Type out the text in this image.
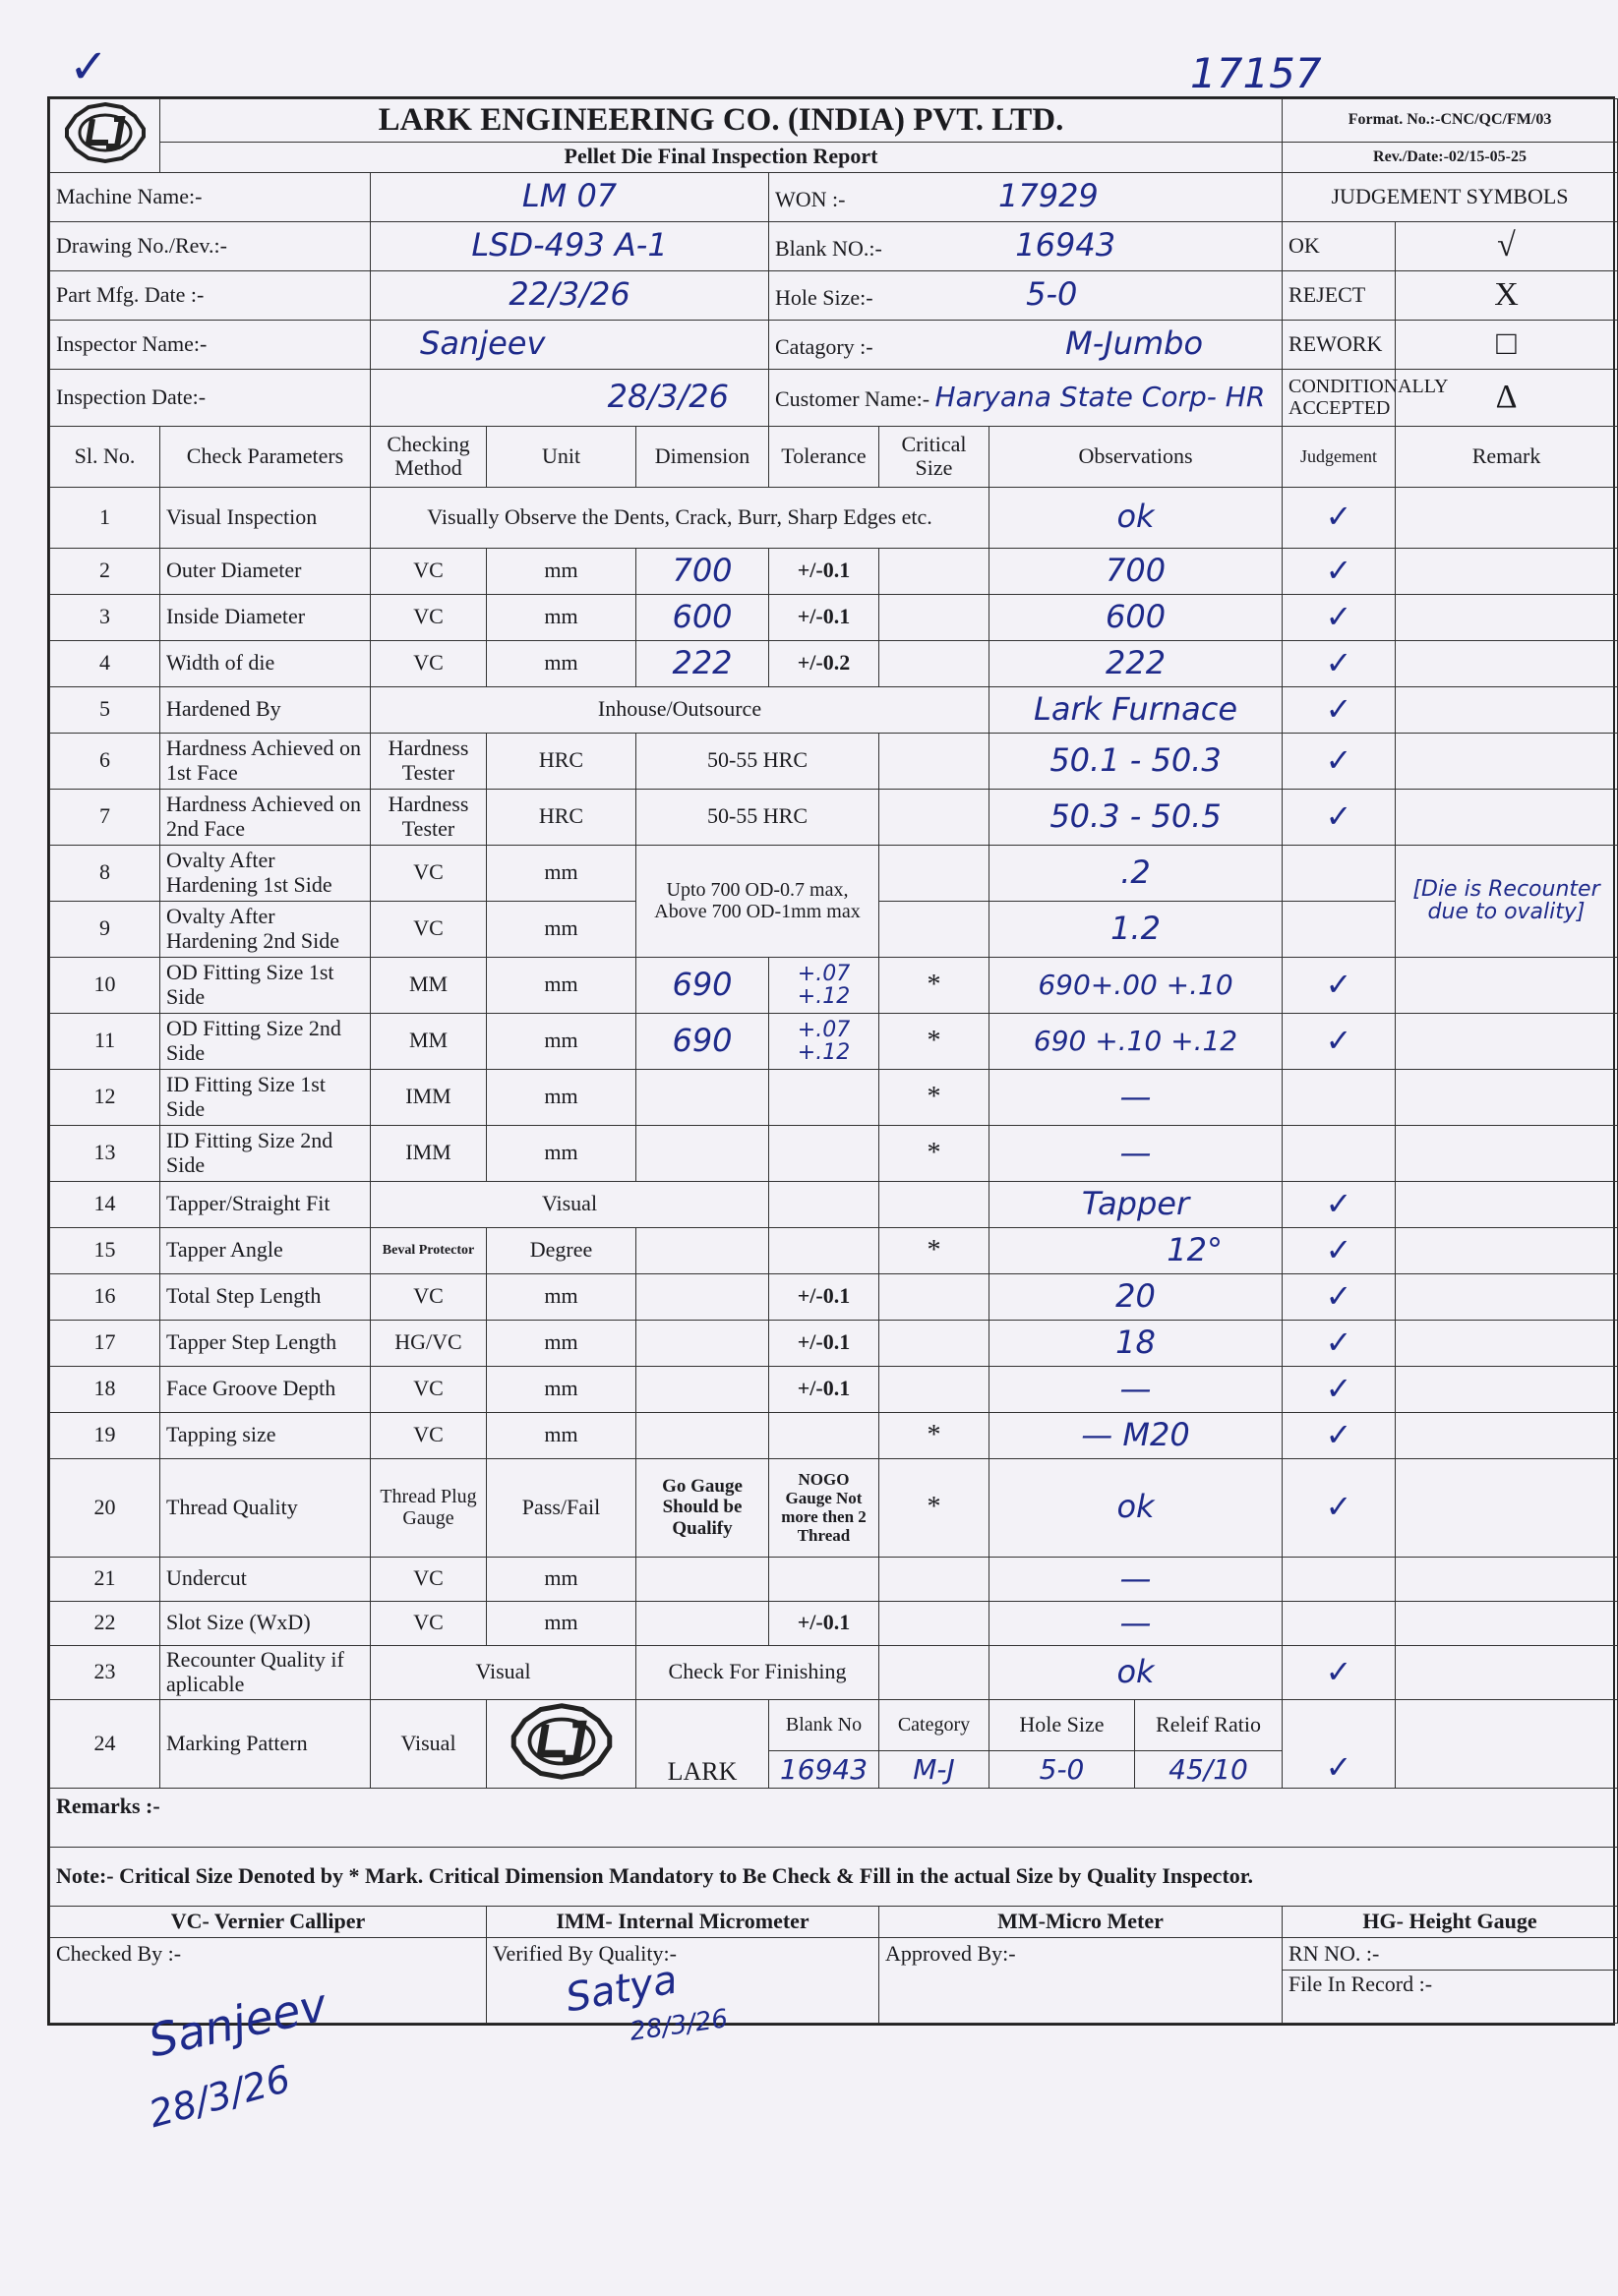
✓	17157
	LARK ENGINEERING CO. (INDIA) PVT. LTD.								Format. No.:-CNC/QC/FM/03	
	Pellet Die Final Inspection Report								Rev./Date:-02/15-05-25	
Machine Name:-		LM 07			WON :- 17929				JUDGEMENT SYMBOLS	
Drawing No./Rev.:-		LSD-493 A-1			Blank NO.:- 16943				OK	√
Part Mfg. Date :-		22/3/26			Hole Size:- 5-0				REJECT	X
Inspector Name:-		Sanjeev			Catagory :- M-Jumbo				REWORK	□
Inspection Date:-		28/3/26			Customer Name:- Haryana State Corp- HR				CONDITIONALLY ACCEPTED	Δ
Sl. No.	Check Parameters	Checking Method	Unit	Dimension	Tolerance	Critical Size	Observations		Judgement	Remark
1	Visual Inspection	Visually Observe the Dents, Crack, Burr, Sharp Edges etc.					ok		✓	
2	Outer Diameter	VC	mm	700	+/-0.1		700		✓	
3	Inside Diameter	VC	mm	600	+/-0.1		600		✓	
4	Width of die	VC	mm	222	+/-0.2		222		✓	
5	Hardened By	Inhouse/Outsource					Lark Furnace		✓	
6	Hardness Achieved on 1st Face	Hardness Tester	HRC	50-55 HRC			50.1 - 50.3		✓	
7	Hardness Achieved on 2nd Face	Hardness Tester	HRC	50-55 HRC			50.3 - 50.5		✓	
8	Ovalty After Hardening 1st Side	VC	mm	Upto 700 OD-0.7 max, Above 700 OD-1mm max			.2			[Die is Recounter due to ovality]
9	Ovalty After Hardening 2nd Side	VC	mm				1.2			
10	OD Fitting Size 1st Side	MM	mm	690	+.07 +.12	*	690+.00 +.10		✓	
11	OD Fitting Size 2nd Side	MM	mm	690	+.07 +.12	*	690 +.10 +.12		✓	
12	ID Fitting Size 1st Side	IMM	mm			*	—			
13	ID Fitting Size 2nd Side	IMM	mm			*	—			
14	Tapper/Straight Fit	Visual					Tapper		✓	
15	Tapper Angle	Beval Protector	Degree			*	12°		✓	
16	Total Step Length	VC	mm		+/-0.1		20		✓	
17	Tapper Step Length	HG/VC	mm		+/-0.1		18		✓	
18	Face Groove Depth	VC	mm		+/-0.1		—		✓	
19	Tapping size	VC	mm			*	— M20		✓	
20	Thread Quality	Thread Plug Gauge	Pass/Fail	Go Gauge Should be Qualify	NOGO Gauge Not more then 2 Thread	*	ok		✓	
21	Undercut	VC	mm				—			
22	Slot Size (WxD)	VC	mm		+/-0.1		—			
23	Recounter Quality if aplicable	Visual		Check For Finishing			ok		✓	
24	Marking Pattern	Visual		LARK	Blank No	Category	Hole Size	Releif Ratio	✓	
					16943	M-J	5-0	45/10		
Remarks :-										
Note:- Critical Size Denoted by * Mark. Critical Dimension Mandatory to Be Check & Fill in the actual Size by Quality Inspector.										
VC- Vernier Calliper			IMM- Internal Micrometer			MM-Micro Meter			HG- Height Gauge	
Checked By :-			Verified By Quality:-			Approved By:-			RN NO. :-	
									File In Record :-	
Sanjeev
28/3/26
Satya
28/3/26
